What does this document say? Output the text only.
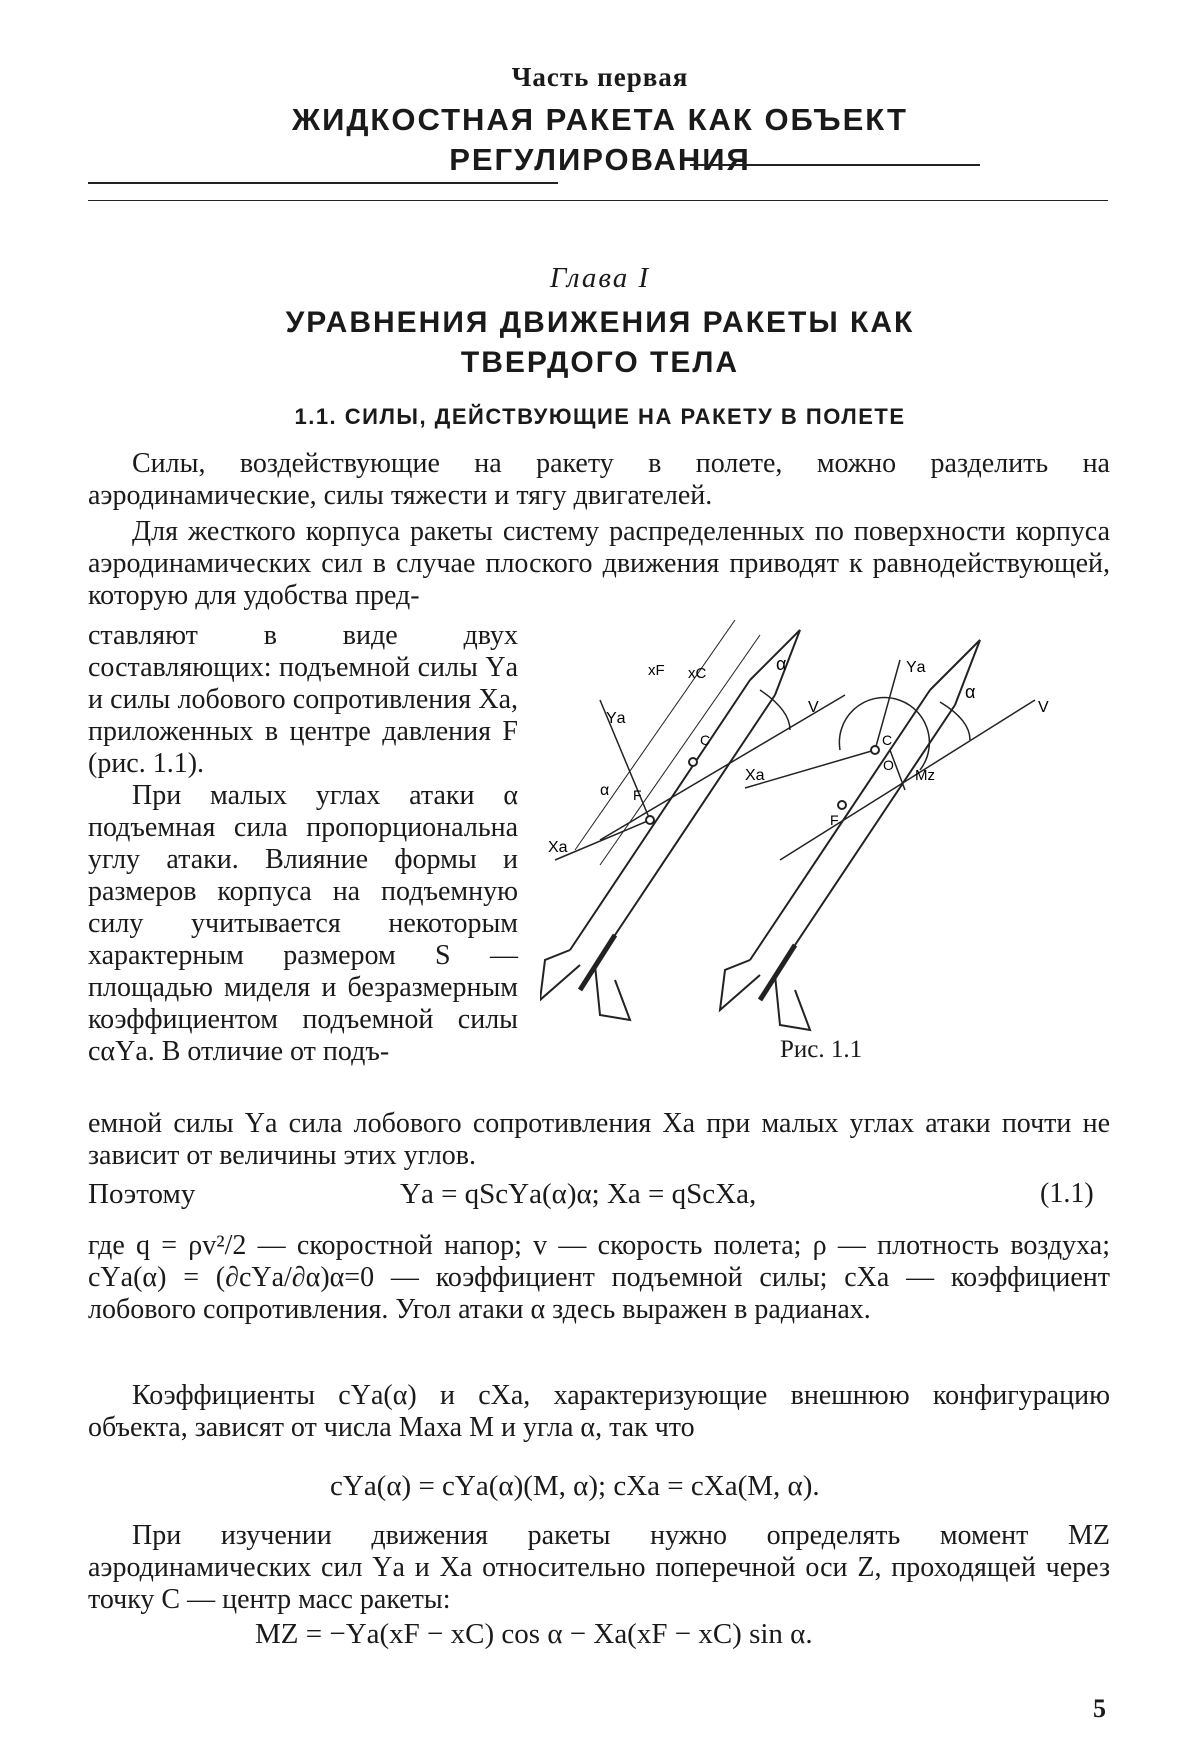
Часть первая
ЖИДКОСТНАЯ РАКЕТА КАК ОБЪЕКТ РЕГУЛИРОВАНИЯ
Глава I
УРАВНЕНИЯ ДВИЖЕНИЯ РАКЕТЫ КАК ТВЕРДОГО ТЕЛА
1.1. СИЛЫ, ДЕЙСТВУЮЩИЕ НА РАКЕТУ В ПОЛЕТЕ

Силы, воздействующие на ракету в полете, можно разделить на аэродинамические, силы тяжести и тягу двигателей.

Для жесткого корпуса ракеты систему распределенных по поверхности корпуса аэродинамических сил в случае плоского движения приводят к равнодействующей, которую для удобства пред-

ставляют в виде двух составляющих: подъемной силы Yа и силы лобового сопротивления Xа, приложенных в центре давления F (рис. 1.1).

При малых углах атаки α подъемная сила пропорциональна углу атаки. Влияние формы и размеров корпуса на подъемную силу учитывается некоторым характерным размером S — площадью миделя и безразмерным коэффициентом подъемной силы cαYа. В отличие от подъ-

Yа
Xа
V
α
xF xC
F
C
α
Yа
Xа
V
α
C
O
F
Mz
Рис. 1.1

емной силы Yа сила лобового сопротивления Xа при малых углах атаки почти не зависит от величины этих углов.

Поэтому	Yа = qScYа(α)α; Xа = qScXа,	(1.1)

где q = ρv²/2 — скоростной напор; v — скорость полета; ρ — плотность воздуха; cYа(α) = (∂cYа/∂α)α=0 — коэффициент подъемной силы; cXа — коэффициент лобового сопротивления. Угол атаки α здесь выражен в радианах.

Коэффициенты cYа(α) и cXа, характеризующие внешнюю конфигурацию объекта, зависят от числа Маха M и угла α, так что

cYа(α) = cYа(α)(M, α); cXа = cXа(M, α).

При изучении движения ракеты нужно определять момент MZ аэродинамических сил Yа и Xа относительно поперечной оси Z, проходящей через точку C — центр масс ракеты:

MZ = −Yа(xF − xC) cos α − Xа(xF − xC) sin α.
5
